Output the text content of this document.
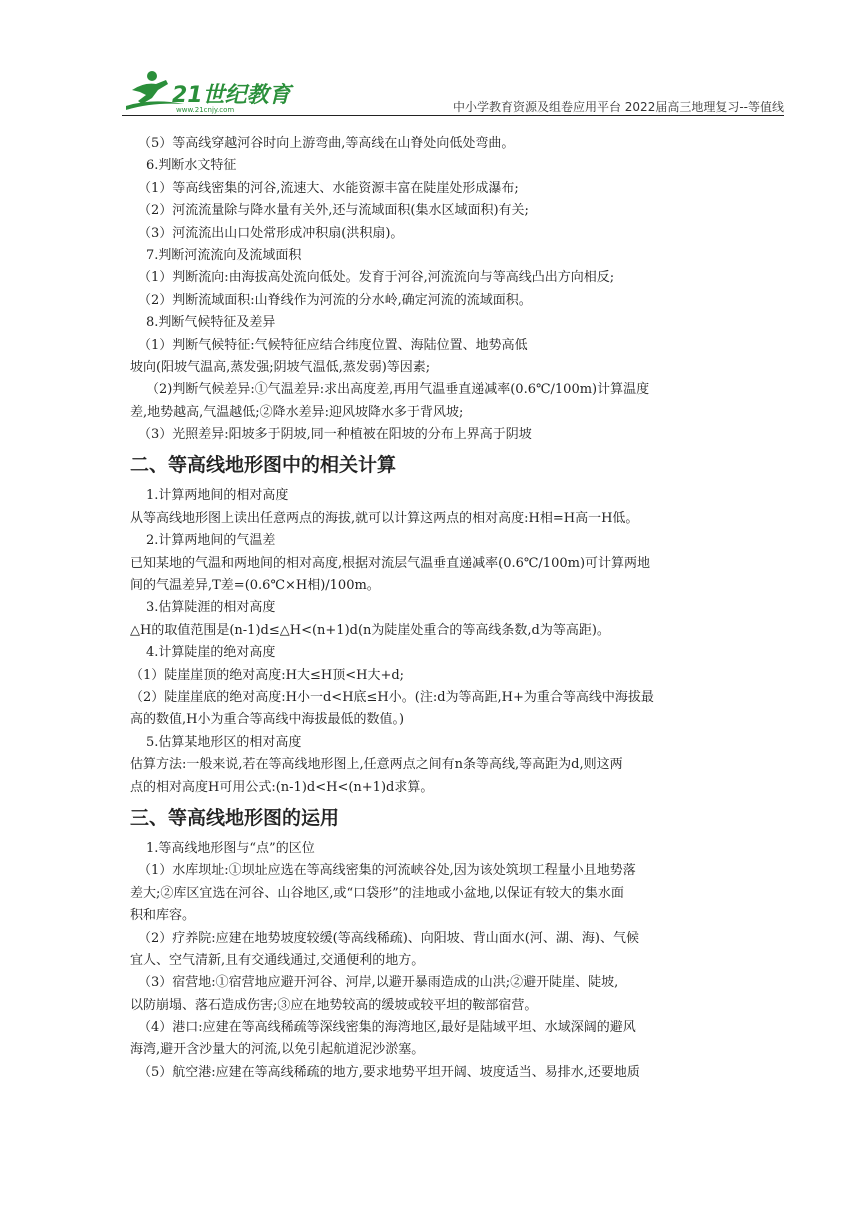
21世纪教育
www.21cnjy.com	中小学教育资源及组卷应用平台 2022届高三地理复习--等值线

（5）等高线穿越河谷时向上游弯曲,等高线在山脊处向低处弯曲。

6.判断水文特征

（1）等高线密集的河谷,流速大、水能资源丰富在陡崖处形成瀑布;

（2）河流流量除与降水量有关外,还与流域面积(集水区域面积)有关;

（3）河流流出山口处常形成冲积扇(洪积扇)。

7.判断河流流向及流域面积

（1）判断流向:由海拔高处流向低处。发育于河谷,河流流向与等高线凸出方向相反;

（2）判断流域面积:山脊线作为河流的分水岭,确定河流的流域面积。

8.判断气候特征及差异

（1）判断气候特征:气候特征应结合纬度位置、海陆位置、地势高低

坡向(阳坡气温高,蒸发强;阴坡气温低,蒸发弱)等因素;

（2)判断气候差异:①气温差异:求出高度差,再用气温垂直递减率(0.6℃/100m)计算温度

差,地势越高,气温越低;②降水差异:迎风坡降水多于背风坡;

（3）光照差异:阳坡多于阴坡,同一种植被在阳坡的分布上界高于阴坡

二、等高线地形图中的相关计算

1.计算两地间的相对高度

从等高线地形图上读出任意两点的海拔,就可以计算这两点的相对高度:H相=H高一H低。

2.计算两地间的气温差

已知某地的气温和两地间的相对高度,根据对流层气温垂直递减率(0.6℃/100m)可计算两地

间的气温差异,T差=(0.6℃×H相)/100m。

3.估算陡涯的相对高度

△H的取值范围是(n-1)d≤△H<(n+1)d(n为陡崖处重合的等高线条数,d为等高距)。

4.计算陡崖的绝对高度

（1）陡崖崖顶的绝对高度:H大≤H顶<H大+d;

（2）陡崖崖底的绝对高度:H小一d<H底≤H小。(注:d为等高距,H+为重合等高线中海拔最

高的数值,H小为重合等高线中海拔最低的数值。)

5.估算某地形区的相对高度

估算方法:一般来说,若在等高线地形图上,任意两点之间有n条等高线,等高距为d,则这两

点的相对高度H可用公式:(n-1)d<H<(n+1)d求算。

三、等高线地形图的运用

1.等高线地形图与“点”的区位

（1）水库坝址:①坝址应选在等高线密集的河流峡谷处,因为该处筑坝工程量小且地势落

差大;②库区宜选在河谷、山谷地区,或“口袋形”的洼地或小盆地,以保证有较大的集水面

积和库容。

（2）疗养院:应建在地势坡度较缓(等高线稀疏)、向阳坡、背山面水(河、湖、海)、气候

宜人、空气清新,且有交通线通过,交通便利的地方。

（3）宿营地:①宿营地应避开河谷、河岸,以避开暴雨造成的山洪;②避开陡崖、陡坡,

以防崩塌、落石造成伤害;③应在地势较高的缓坡或较平坦的鞍部宿营。

（4）港口:应建在等高线稀疏等深线密集的海湾地区,最好是陆域平坦、水域深阔的避风

海湾,避开含沙量大的河流,以免引起航道泥沙淤塞。

（5）航空港:应建在等高线稀疏的地方,要求地势平坦开阔、坡度适当、易排水,还要地质
